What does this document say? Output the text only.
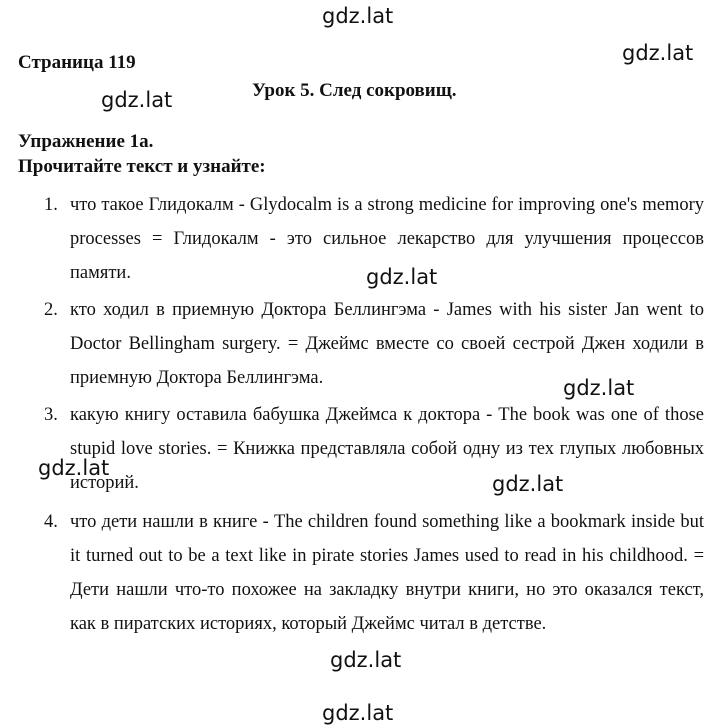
Страница 119
Урок 5. След сокровищ.
Упражнение 1а.
Прочитайте текст и узнайте:
1. что такое Глидокалм - Glydocalm is a strong medicine for improving one's memory processes = Глидокалм - это сильное лекарство для улучшения процессов памяти.
2. кто ходил в приемную Доктора Беллингэма - James with his sister Jan went to Doctor Bellingham surgery. = Джеймс вместе со своей сестрой Джен ходили в приемную Доктора Беллингэма.
3. какую книгу оставила бабушка Джеймса к доктора - The book was one of those stupid love stories. = Книжка представляла собой одну из тех глупых любовных историй.
4. что дети нашли в книге - The children found something like a bookmark inside but it turned out to be a text like in pirate stories James used to read in his childhood. = Дети нашли что-то похожее на закладку внутри книги, но это оказался текст, как в пиратских историях, который Джеймс читал в детстве.
gdz.lat
gdz.lat
gdz.lat
gdz.lat
gdz.lat
gdz.lat
gdz.lat
gdz.lat
gdz.lat
